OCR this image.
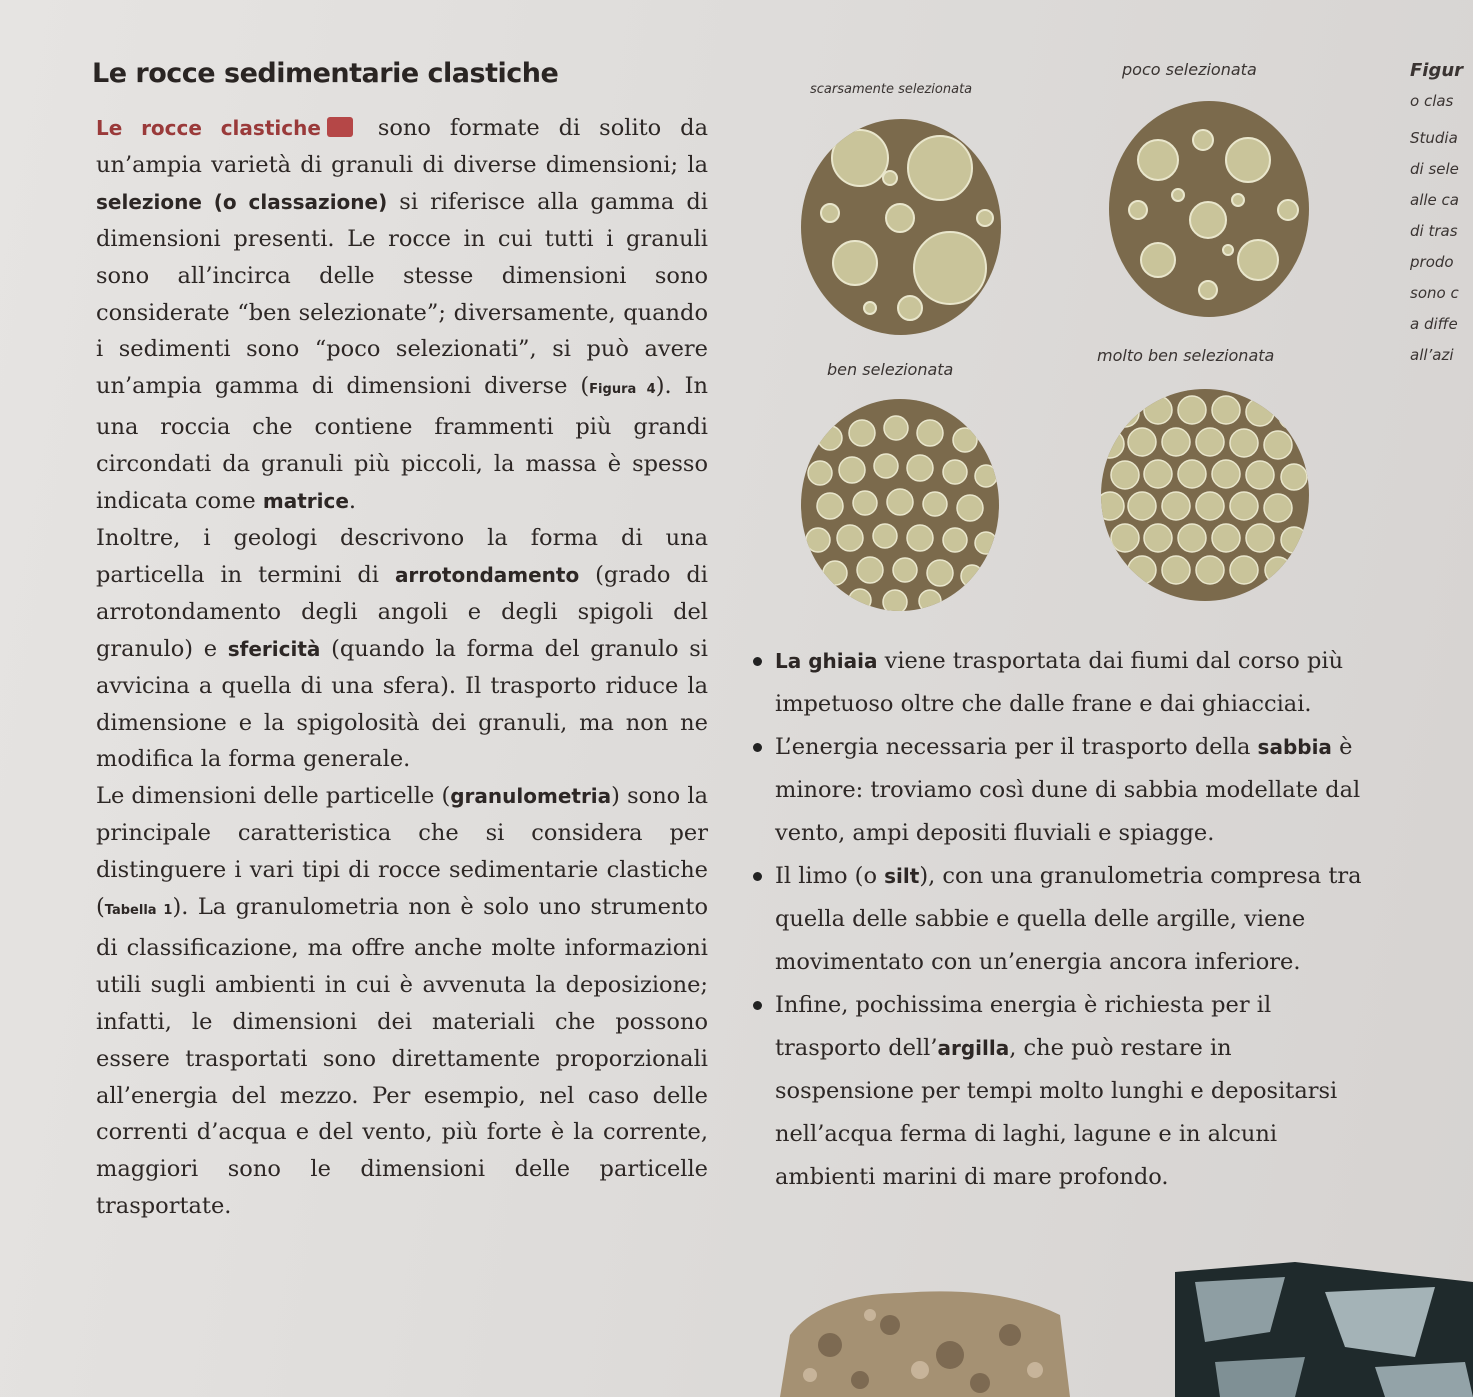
Le rocce sedimentarie clastiche

Le rocce clastiche	sono formate di solito da un’ampia varietà di granuli di diverse dimensioni; la selezione (o classazione) si riferisce alla gamma di dimensioni presenti. Le rocce in cui tutti i granuli sono all’incirca delle stesse dimensioni sono considerate “ben selezionate”; diversamente, quando i sedimenti sono “poco selezionati”, si può avere un’ampia gamma di dimensioni diverse (Figura 4). In una roccia che contiene frammenti più grandi circondati da granuli più piccoli, la massa è spesso indicata come matrice.

Inoltre, i geologi descrivono la forma di una particella in termini di arrotondamento (grado di arrotondamento degli angoli e degli spigoli del granulo) e sfericità (quando la forma del granulo si avvicina a quella di una sfera). Il trasporto riduce la dimensione e la spigolosità dei granuli, ma non ne modifica la forma generale.

Le dimensioni delle particelle (granulometria) sono la principale caratteristica che si considera per distinguere i vari tipi di rocce sedimentarie clastiche (Tabella 1). La granulometria non è solo uno strumento di classificazione, ma offre anche molte informazioni utili sugli ambienti in cui è avvenuta la deposizione; infatti, le dimensioni dei materiali che possono essere trasportati sono direttamente proporzionali all’energia del mezzo. Per esempio, nel caso delle correnti d’acqua e del vento, più forte è la corrente, maggiori sono le dimensioni delle particelle trasportate.

scarsamente selezionata
poco selezionata
ben selezionata
molto ben selezionata
Figur
o clas
Studia
di sele
alle ca
di tras
prodo
sono c
a diffe
all’azi
La ghiaia viene trasportata dai fiumi dal corso più impetuoso oltre che dalle frane e dai ghiacciai.
L’energia necessaria per il trasporto della sabbia è minore: troviamo così dune di sabbia modellate dal vento, ampi depositi fluviali e spiagge.
Il limo (o silt), con una granulometria compresa tra quella delle sabbie e quella delle argille, viene movimentato con un’energia ancora inferiore.
Infine, pochissima energia è richiesta per il trasporto dell’argilla, che può restare in sospensione per tempi molto lunghi e depositarsi nell’acqua ferma di laghi, lagune e in alcuni ambienti marini di mare profondo.
